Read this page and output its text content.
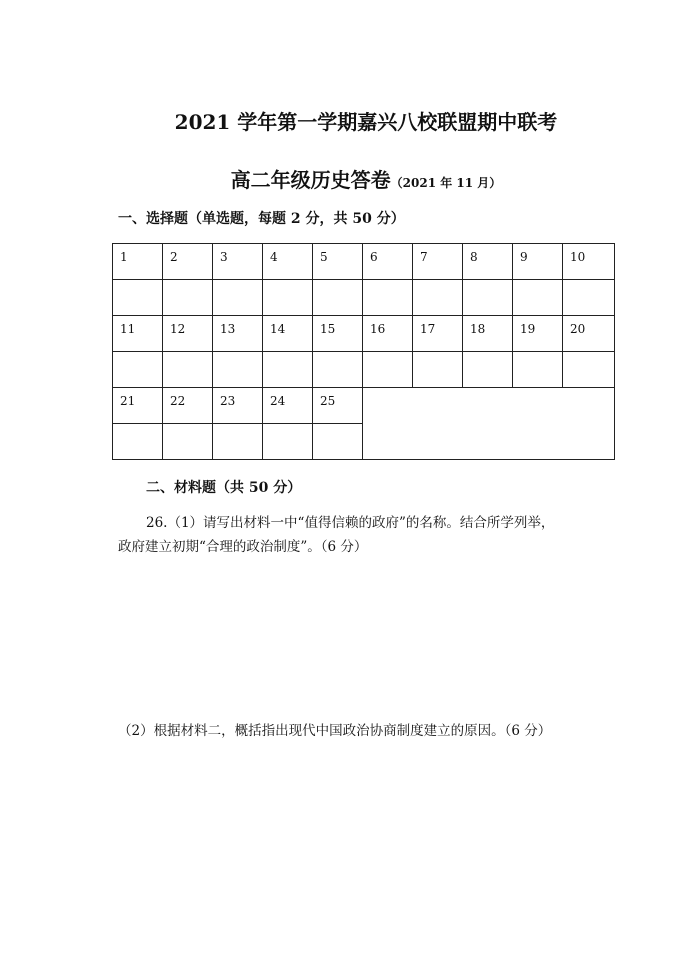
2021 学年第一学期嘉兴八校联盟期中联考
高二年级历史答卷（2021 年 11 月）

一、选择题（单选题，每题 2 分，共 50 分）

1	2	3	4	5	6	7	8	9	10

11	12	13	14	15	16	17	18	19	20

21	22	23	24	25					

二、材料题（共 50 分）

26.（1）请写出材料一中“值得信赖的政府”的名称。结合所学列举，

政府建立初期“合理的政治制度”。（6 分）

（2）根据材料二，概括指出现代中国政治协商制度建立的原因。（6 分）
